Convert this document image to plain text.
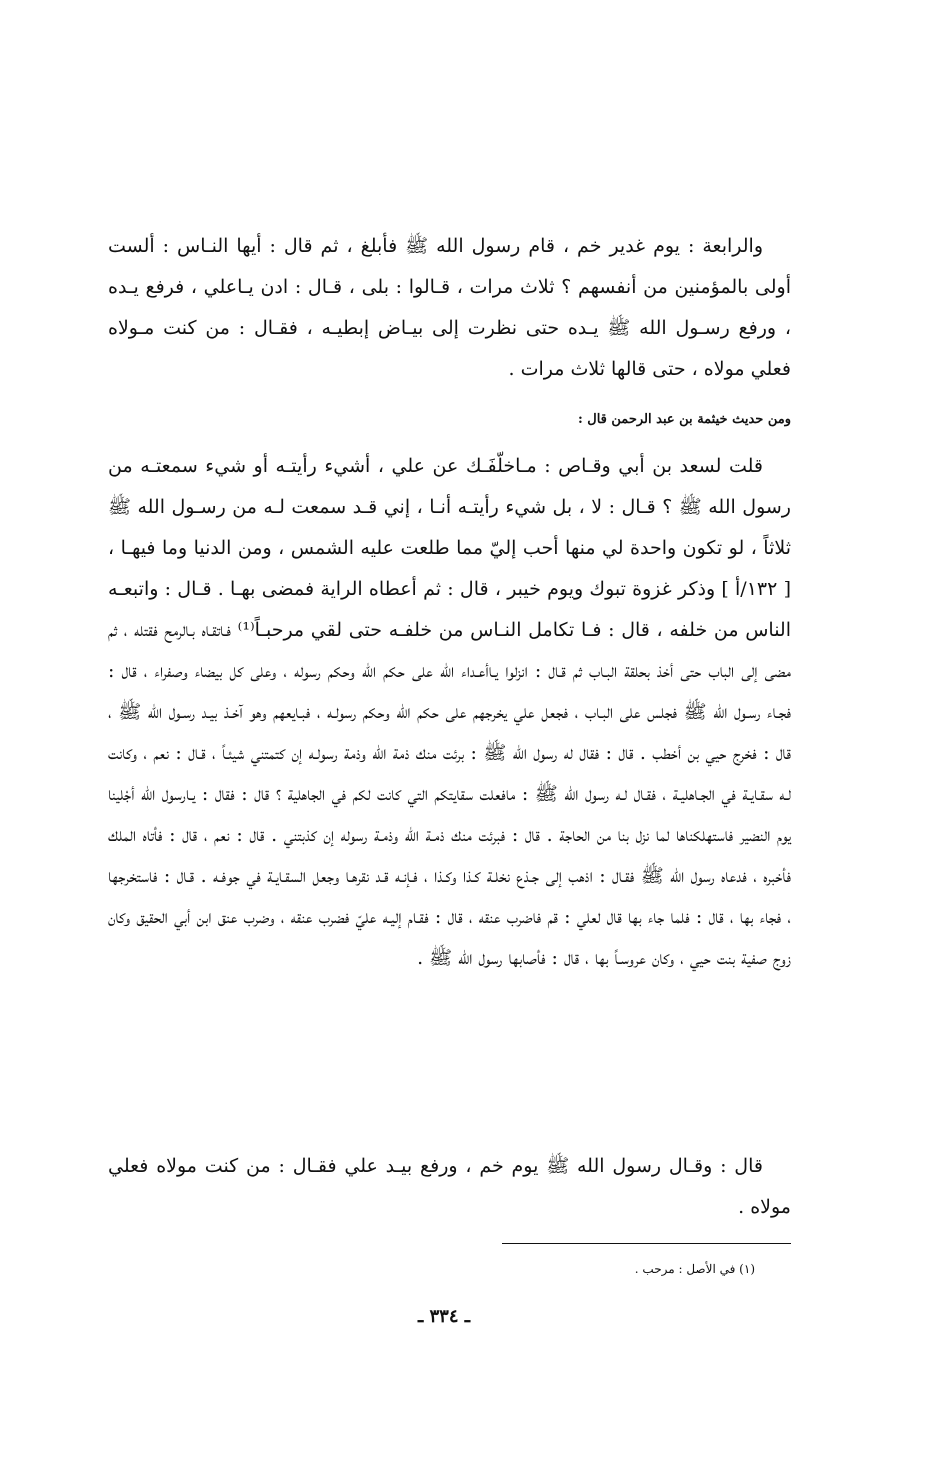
والرابعة : يوم غدير خم ، قام رسول الله ﷺ فأبلغ ، ثم قال : أيها النـاس : ألست أولى بالمؤمنين من أنفسهم ؟ ثلاث مرات ، قـالوا : بلى ، قـال : ادن يـاعلي ، فرفع يـده ، ورفع رسـول الله ﷺ يـده حتى نظرت إلى بيـاض إبطيـه ، فقـال : من كنت مـولاه فعلي مولاه ، حتى قالها ثلاث مرات .

ومن حديث خيثمة بن عبد الرحمن قال :

قلت لسعد بن أبي وقـاص : مـاخلّفَـك عن علي ، أشيء رأيتـه أو شيء سمعتـه من رسول الله ﷺ ؟ قـال : لا ، بل شيء رأيتـه أنـا ، إني قـد سمعت لـه من رسـول الله ﷺ ثلاثاً ، لو تكون واحدة لي منها أحب إليّ مما طلعت عليه الشمس ، ومن الدنيا وما فيهـا ، [ ١٣٢/أ ] وذكر غزوة تبوك ويوم خيبر ، قال : ثم أعطاه الراية فمضى بهـا . قـال : واتبعـه الناس من خلفه ، قال : فـا تكامل النـاس من خلفـه حتى لقي مرحبـاً⁽¹⁾ فـاتقـاه بـالرمح فقتله ، ثم مضى إلى الباب حتى أخذ بحلقة البـاب ثم قـال : انزلوا يـاأعـداء الله على حكم الله وحكم رسوله ، وعلى كل بيضاء وصفراء ، قال : فجـاء رسـول الله ﷺ فجلس على البـاب ، فجعل علي يخرجهم على حكم الله وحكم رسولـه ، فبـايعهم وهو آخـذ بيـد رسـول الله ﷺ ، قال : فخرج حيي بن أخطب . قال : فقال له رسول الله ﷺ : برئت منك ذمة الله وذمة رسولـه إن كتمتني شيئـاً ، قـال : نعم ، وكانت لـه سقـايـة في الجـاهليـة ، فقـال لـه رسول الله ﷺ : مافعلت سقايتكم التي كانت لكم في الجاهلية ؟ قال : فقال : يـارسول الله أجْلينا يوم النضير فاستهلكناها لما نزل بنا من الحاجة . قال : فبرئت منك ذمـة الله وذمـة رسوله إن كذبتني . قال : نعم ، قال : فأتاه الملك فأخبره ، فدعاه رسول الله ﷺ فقـال : اذهب إلى جـذع نخلـة كـذا وكـذا ، فـإنـه قـد نقرهـا وجعل السقـايـة في جوفـه . قـال : فاستخرجها ، فجاء بها ، قال : فلما جاء بها قال لعلي : قم فاضرب عنقه ، قال : فقـام إليـه عليّ فضرب عنقه ، وضرب عنق ابن أبي الحقيق وكان زوج صفية بنت حيي ، وكان عروسـاً بها ، قال : فأصابها رسول الله ﷺ .

قال : وقـال رسول الله ﷺ يوم خم ، ورفع بيـد علي فقـال : من كنت مولاه فعلي مولاه .

(١) في الأصل : مرحب .
ـ ٣٣٤ ـ
